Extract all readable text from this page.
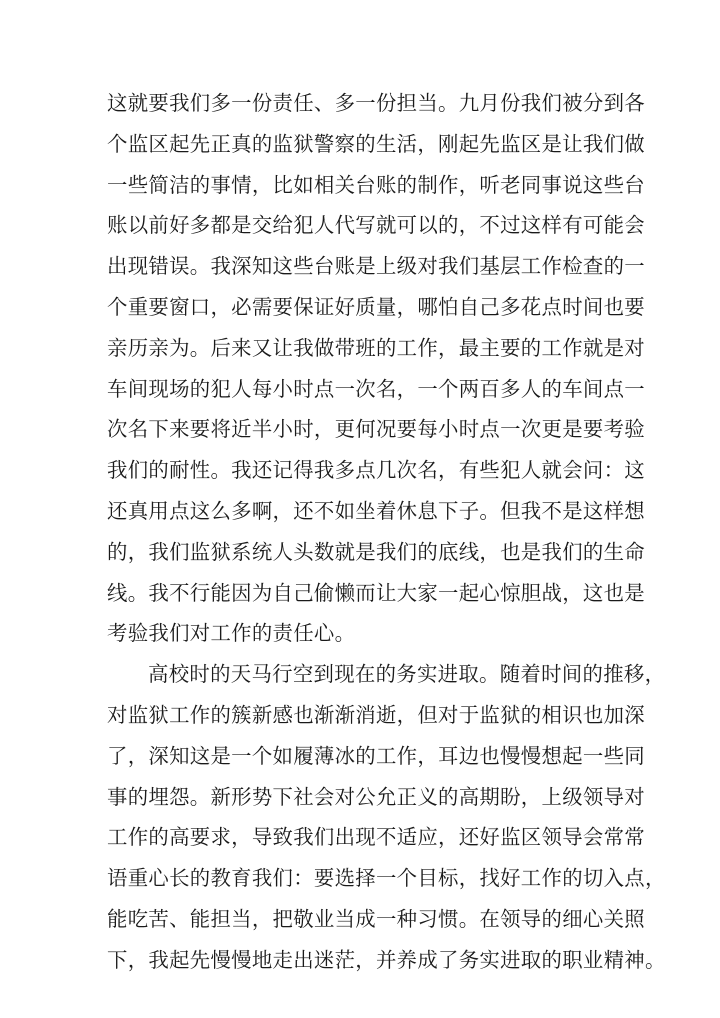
这就要我们多一份责任、多一份担当。九月份我们被分到各
个监区起先正真的监狱警察的生活，刚起先监区是让我们做
一些简洁的事情，比如相关台账的制作，听老同事说这些台
账以前好多都是交给犯人代写就可以的，不过这样有可能会
出现错误。我深知这些台账是上级对我们基层工作检查的一
个重要窗口，必需要保证好质量，哪怕自己多花点时间也要
亲历亲为。后来又让我做带班的工作，最主要的工作就是对
车间现场的犯人每小时点一次名，一个两百多人的车间点一
次名下来要将近半小时，更何况要每小时点一次更是要考验
我们的耐性。我还记得我多点几次名，有些犯人就会问：这
还真用点这么多啊，还不如坐着休息下子。但我不是这样想
的，我们监狱系统人头数就是我们的底线，也是我们的生命
线。我不行能因为自己偷懒而让大家一起心惊胆战，这也是
考验我们对工作的责任心。
高校时的天马行空到现在的务实进取。随着时间的推移，
对监狱工作的簇新感也渐渐消逝，但对于监狱的相识也加深
了，深知这是一个如履薄冰的工作，耳边也慢慢想起一些同
事的埋怨。新形势下社会对公允正义的高期盼，上级领导对
工作的高要求，导致我们出现不适应，还好监区领导会常常
语重心长的教育我们：要选择一个目标，找好工作的切入点，
能吃苦、能担当，把敬业当成一种习惯。在领导的细心关照
下，我起先慢慢地走出迷茫，并养成了务实进取的职业精神。
